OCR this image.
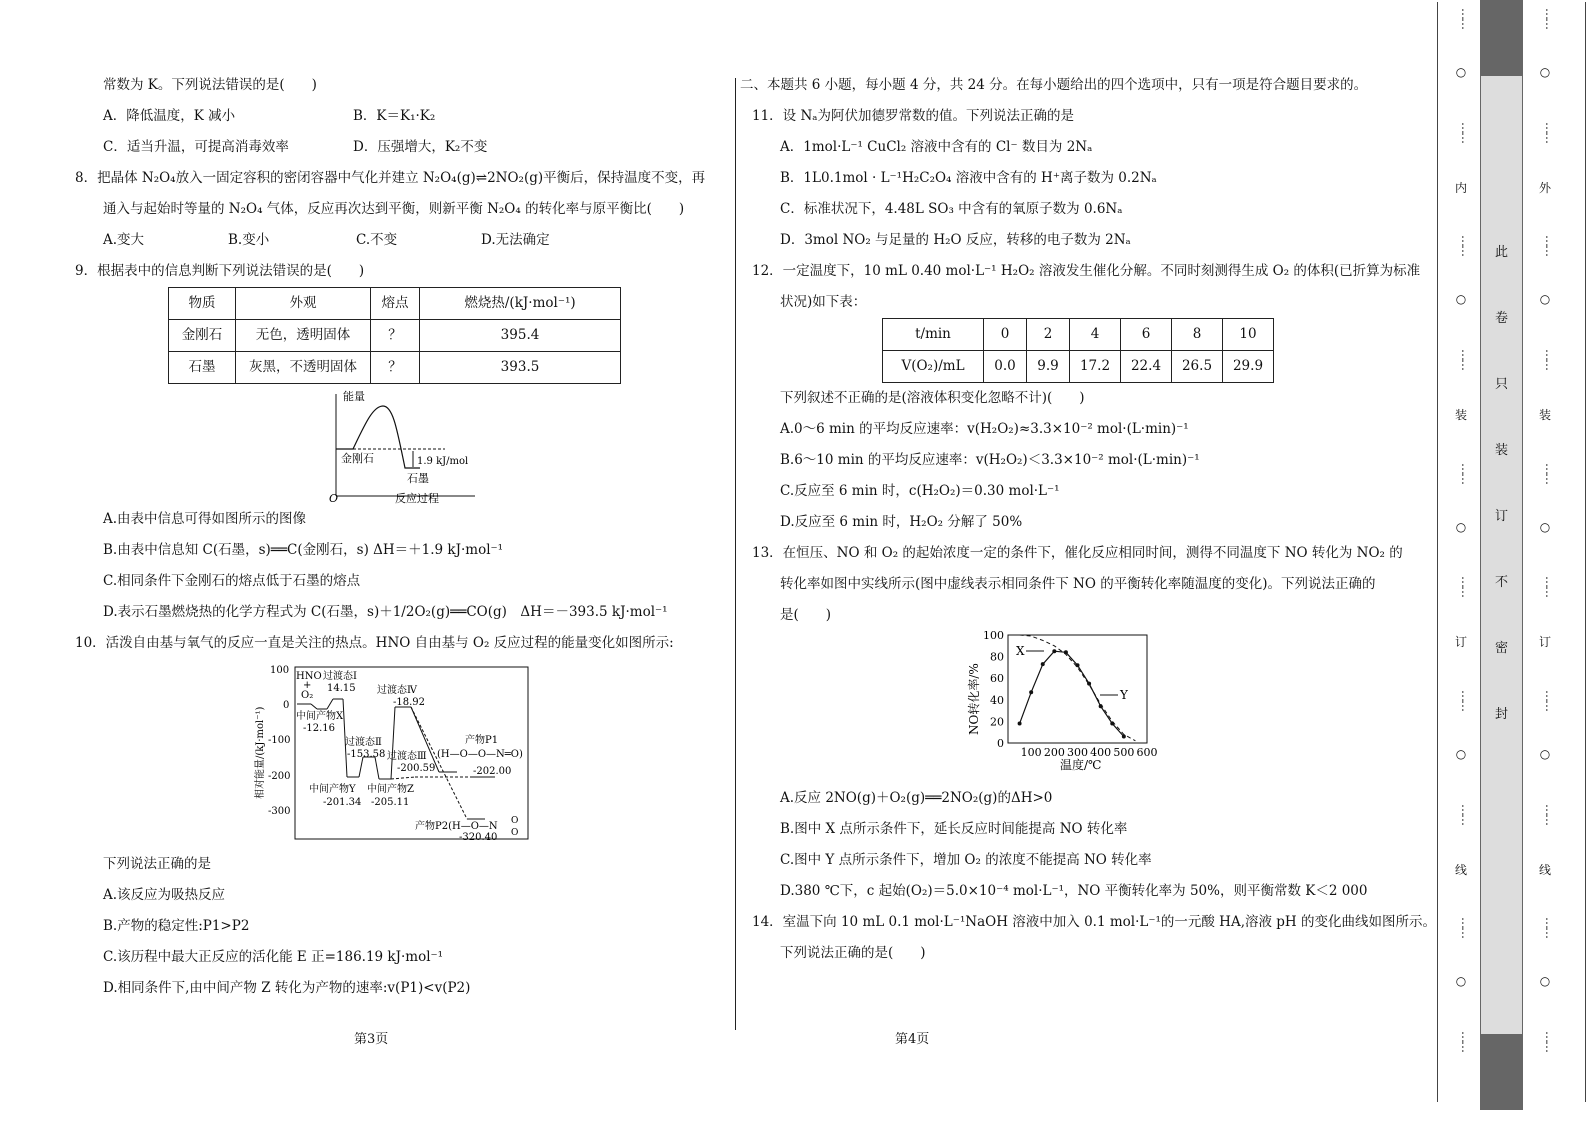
常数为 K。下列说法错误的是(　　)
A．降低温度，K 减小	B．K＝K₁·K₂
C．适当升温，可提高消毒效率	D．压强增大，K₂不变
8．把晶体 N₂O₄放入一固定容积的密闭容器中气化并建立 N₂O₄(g)⇌2NO₂(g)平衡后，保持温度不变，再
通入与起始时等量的 N₂O₄ 气体，反应再次达到平衡，则新平衡 N₂O₄ 的转化率与原平衡比(　　)
A.变大	B.变小	C.不变	D.无法确定
9．根据表中的信息判断下列说法错误的是(　　)
物质	外观	熔点	燃烧热/(kJ·mol⁻¹)
金刚石	无色，透明固体	？	395.4
石墨	灰黑，不透明固体	？	393.5
能量
O	反应过程
金刚石	1.9 kJ/mol
石墨
A.由表中信息可得如图所示的图像
B.由表中信息知 C(石墨，s)══C(金刚石，s) ΔH＝＋1.9 kJ·mol⁻¹
C.相同条件下金刚石的熔点低于石墨的熔点
D.表示石墨燃烧热的化学方程式为 C(石墨，s)＋1/2O₂(g)══CO(g)　ΔH＝－393.5 kJ·mol⁻¹
10．活泼自由基与氧气的反应一直是关注的热点。HNO 自由基与 O₂ 反应过程的能量变化如图所示:
相对能量/(kJ·mol⁻¹)
100
0
-100
-200
-300
HNO
+
O₂
过渡态Ⅰ
14.15
中间产物X
-12.16
过渡态Ⅳ
-18.92
过渡态Ⅱ
-153.58 过渡态Ⅲ
-200.59
产物P1
(H—O—O—N═O)
-202.00
中间产物Y
-201.34
中间产物Z
-205.11
产物P2(H—O—N O
O
-320.40
下列说法正确的是
A.该反应为吸热反应
B.产物的稳定性:P1>P2
C.该历程中最大正反应的活化能 E 正=186.19 kJ·mol⁻¹
D.相同条件下,由中间产物 Z 转化为产物的速率:v(P1)<v(P2)
二、本题共 6 小题，每小题 4 分，共 24 分。在每小题给出的四个选项中，只有一项是符合题目要求的。
11．设 Nₐ为阿伏加德罗常数的值。下列说法正确的是
A．1mol·L⁻¹ CuCl₂ 溶液中含有的 Cl⁻ 数目为 2Nₐ
B．1L0.1mol · L⁻¹H₂C₂O₄ 溶液中含有的 H⁺离子数为 0.2Nₐ
C．标准状况下，4.48L SO₃ 中含有的氧原子数为 0.6Nₐ
D．3mol NO₂ 与足量的 H₂O 反应，转移的电子数为 2Nₐ
12．一定温度下，10 mL 0.40 mol·L⁻¹ H₂O₂ 溶液发生催化分解。不同时刻测得生成 O₂ 的体积(已折算为标准
状况)如下表：
t/min	0	2	4	6	8	10
V(O₂)/mL	0.0	9.9	17.2	22.4	26.5	29.9
下列叙述不正确的是(溶液体积变化忽略不计)(　　)
A.0～6 min 的平均反应速率：v(H₂O₂)≈3.3×10⁻² mol·(L·min)⁻¹
B.6～10 min 的平均反应速率：v(H₂O₂)＜3.3×10⁻² mol·(L·min)⁻¹
C.反应至 6 min 时，c(H₂O₂)＝0.30 mol·L⁻¹
D.反应至 6 min 时，H₂O₂ 分解了 50%
13．在恒压、NO 和 O₂ 的起始浓度一定的条件下，催化反应相同时间，测得不同温度下 NO 转化为 NO₂ 的
转化率如图中实线所示(图中虚线表示相同条件下 NO 的平衡转化率随温度的变化)。下列说法正确的
是(　　)
NO转化率/%
温度/℃
0
20
40
60
80
100
100 200 300 400 500 600
X
Y
A.反应 2NO(g)＋O₂(g)══2NO₂(g)的ΔH>0
B.图中 X 点所示条件下，延长反应时间能提高 NO 转化率
C.图中 Y 点所示条件下，增加 O₂ 的浓度不能提高 NO 转化率
D.380 ℃下，c 起始(O₂)＝5.0×10⁻⁴ mol·L⁻¹，NO 平衡转化率为 50%，则平衡常数 K＜2 000
14．室温下向 10 mL 0.1 mol·L⁻¹NaOH 溶液中加入 0.1 mol·L⁻¹的一元酸 HA,溶液 pH 的变化曲线如图所示。
下列说法正确的是(　　)
第3页	第4页
……
○
……
内
……
○
……
装
……
○
……
订
……
○
……
线
……
○
……
此
卷
只
装
订
不
密
封
……
○
……
外
……
○
……
装
……
○
……
订
……
○
……
线
……
○
……
